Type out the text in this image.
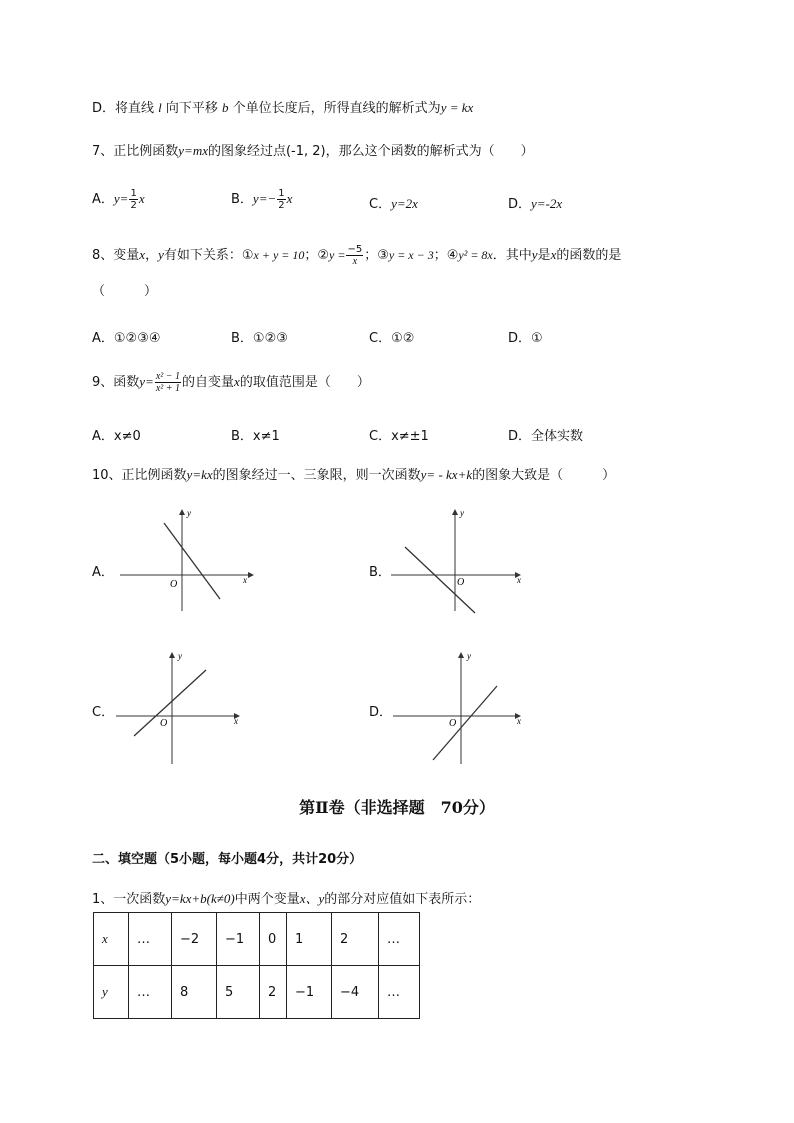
D．将直线 l 向下平移 b 个单位长度后，所得直线的解析式为y = kx
7、正比例函数y=mx的图象经过点(-1, 2)，那么这个函数的解析式为（　　）
A．$y= \frac{1}{2}$ x	B．$y=- \frac{1}{2}$ x	C．y=2x	D．y=-2x
8、变量x，y有如下关系：①x + y = 10；②y = $\frac{-5}{x}$ ；③y = x − 3；④y² = 8x．其中y是x的函数的是
（　　　）
A．①②③④	B．①②③	C．①②	D．①
9、函数$y= \frac{\text{x² − 1}}{\text{x² + 1}}$ 的自变量x的取值范围是（　　）
A．x≠0	B．x≠1	C．x≠±1	D．全体实数
10、正比例函数y=kx的图象经过一、三象限，则一次函数y= - kx+k的图象大致是（　　　）
A．
O	x
y
B．
O	x
y
C．
O	x
y
D．
O	x
y
第Ⅱ卷（非选择题　70分）
二、填空题（5小题，每小题4分，共计20分）
1、一次函数y=kx+b(k≠0)中两个变量x、y的部分对应值如下表所示：
x	…	−2	−1	0	1	2	…
y	…	8	5	2	−1	−4	…
